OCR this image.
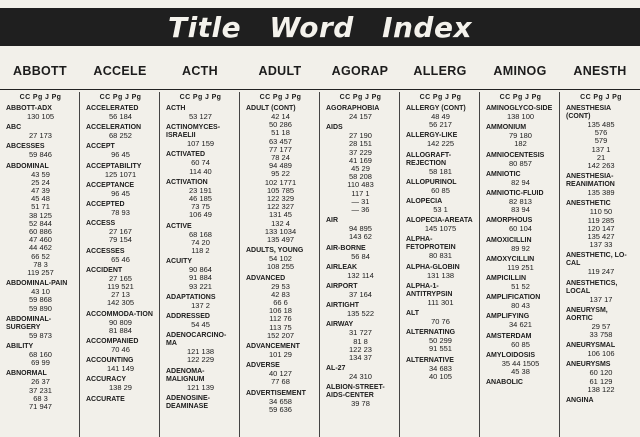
Title Word Index
ABBOTT	ACCELE	ACTH	ADULT	AGORAP	ALLERG	AMINOG	ANESTH
CC Pg J Pg
ABBOTT-ADX
130 105
ABC
27 173
ABCESSES
59 846
ABDOMINAL
43 59
25 24
47 39
45 48
51 71
38 125
52 844
60 886
47 460
44 462
66 52
78 3
119 257
ABDOMINAL-PAIN
43 10
59 868
59 890
ABDOMINAL-SURGERY
59 873
ABILITY
68 160
69 99
ABNORMAL
26 37
37 231
68 3
71 947
CC Pg J Pg
ACCELERATED
56 184
ACCELERATION
68 252
ACCEPT
96 45
ACCEPTABILITY
125 1071
ACCEPTANCE
96 45
ACCEPTED
78 93
ACCESS
27 167
79 154
ACCESSES
65 46
ACCIDENT
27 165
119 521
27 13
142 305
ACCOMMODA-TION
90 809
81 884
ACCOMPANIED
70 46
ACCOUNTING
141 149
ACCURACY
138 29
ACCURATE
CC Pg J Pg
ACTH
53 127
ACTINOMYCES-ISRAELII
107 159
ACTIVATED
60 74
114 40
ACTIVATION
23 191
46 185
73 75
106 49
ACTIVE
68 168
74 20
118 2
ACUITY
90 864
91 884
93 221
ADAPTATIONS
137 2
ADDRESSED
54 45
ADENOCARCINO-MA
121 138
122 229
ADENOMA-MALIGNUM
121 139
ADENOSINE-DEAMINASE
CC Pg J Pg
ADULT (CONT)
42 14
50 286
51 18
63 457
77 177
78 24
94 489
95 22
102 1771
105 785
122 329
122 327
131 45
132 4
133 1034
135 497
ADULTS, YOUNG
54 102
108 255
ADVANCED
29 53
42 83
66 6
106 18
112 76
113 75
152 207
ADVANCEMENT
101 29
ADVERSE
40 127
77 68
ADVERTISEMENT
34 658
59 636
CC Pg J Pg
AGORAPHOBIA
24 157
AIDS
27 190
28 151
37 229
41 169
45 29
58 208
110 483
117 1
— 31
— 36
AIR
94 895
143 62
AIR-BORNE
56 84
AIRLEAK
132 114
AIRPORT
37 164
AIRTIGHT
135 522
AIRWAY
31 727
81 8
122 23
134 37
AL-27
24 310
ALBION-STREET-AIDS-CENTER
39 78
CC Pg J Pg
ALLERGY (CONT)
48 49
56 217
ALLERGY-LIKE
142 225
ALLOGRAFT-REJECTION
58 181
ALLOPURINOL
60 85
ALOPECIA
53 1
ALOPECIA-AREATA
145 1075
ALPHA-FETOPROTEIN
80 831
ALPHA-GLOBIN
131 138
ALPHA-1-ANTITRYPSIN
111 301
ALT
70 76
ALTERNATING
50 299
91 551
ALTERNATIVE
34 683
40 105
CC Pg J Pg
AMINOGLYCO-SIDE
138 100
AMMONIUM
79 180
182
AMNIOCENTESIS
80 857
AMNIOTIC
82 94
AMNIOTIC-FLUID
82 813
83 94
AMORPHOUS
60 104
AMOXICILLIN
89 92
AMOXYCILLIN
119 251
AMPICILLIN
51 52
AMPLIFICATION
80 43
AMPLIFYING
34 621
AMSTERDAM
60 85
AMYLOIDOSIS
35 44 1505
45 38
ANABOLIC
CC Pg J Pg
ANESTHESIA (CONT)
135 485
576
579
137 1
21
142 263
ANESTHESIA-REANIMATION
135 389
ANESTHETIC
110 50
119 285
120 147
135 427
137 33
ANESTHETIC, LO-CAL
119 247
ANESTHETICS, LOCAL
137 17
ANEURYSM, AORTIC
29 57
33 758
ANEURYSMAL
106 106
ANEURYSMS
60 120
61 129
138 122
ANGINA
